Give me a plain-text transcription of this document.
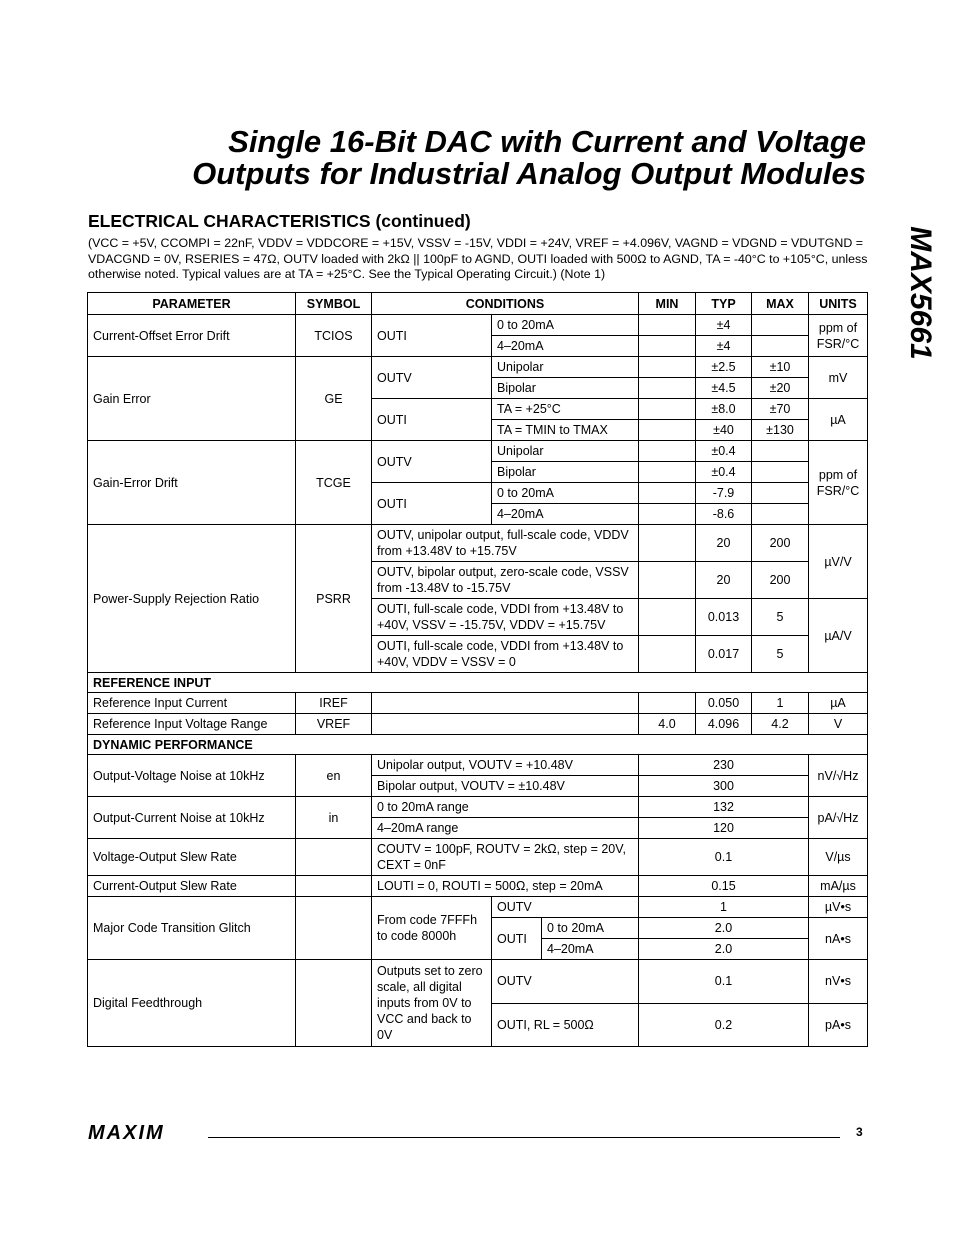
Single 16-Bit DAC with Current and Voltage
Outputs for Industrial Analog Output Modules
MAX5661
ELECTRICAL CHARACTERISTICS (continued)
(VCC = +5V, CCOMPI = 22nF, VDDV = VDDCORE = +15V, VSSV = -15V, VDDI = +24V, VREF = +4.096V, VAGND = VDGND = VDUTGND = VDACGND = 0V, RSERIES = 47Ω, OUTV loaded with 2kΩ || 100pF to AGND, OUTI loaded with 500Ω to AGND, TA = -40°C to +105°C, unless otherwise noted. Typical values are at TA = +25°C. See the Typical Operating Circuit.) (Note 1)
PARAMETER	SYMBOL	CONDITIONS			MIN	TYP	MAX	UNITS
Current-Offset Error Drift	TCIOS	OUTI	0 to 20mA			±4		ppm of FSR/°C
			4–20mA			±4		
Gain Error	GE	OUTV	Unipolar			±2.5	±10	mV
			Bipolar			±4.5	±20	
		OUTI	TA = +25°C			±8.0	±70	µA
			TA = TMIN to TMAX			±40	±130	
Gain-Error Drift	TCGE	OUTV	Unipolar			±0.4		ppm of FSR/°C
			Bipolar			±0.4		
		OUTI	0 to 20mA			-7.9		
			4–20mA			-8.6		
Power-Supply Rejection Ratio	PSRR	OUTV, unipolar output, full-scale code, VDDV from +13.48V to +15.75V				20	200	µV/V
		OUTV, bipolar output, zero-scale code, VSSV from -13.48V to -15.75V				20	200	
		OUTI, full-scale code, VDDI from +13.48V to +40V, VSSV = -15.75V, VDDV = +15.75V				0.013	5	µA/V
		OUTI, full-scale code, VDDI from +13.48V to +40V, VDDV = VSSV = 0				0.017	5	
REFERENCE INPUT								
Reference Input Current	IREF					0.050	1	µA
Reference Input Voltage Range	VREF				4.0	4.096	4.2	V
DYNAMIC PERFORMANCE								
Output-Voltage Noise at 10kHz	en	Unipolar output, VOUTV = +10.48V			230			nV/√Hz
		Bipolar output, VOUTV = ±10.48V			300			
Output-Current Noise at 10kHz	in	0 to 20mA range			132			pA/√Hz
		4–20mA range			120			
Voltage-Output Slew Rate		COUTV = 100pF, ROUTV = 2kΩ, step = 20V, CEXT = 0nF			0.1			V/µs
Current-Output Slew Rate		LOUTI = 0, ROUTI = 500Ω, step = 20mA			0.15			mA/µs
Major Code Transition Glitch		From code 7FFFh to code 8000h	OUTV		1			µV•s
			OUTI	0 to 20mA	2.0			nA•s
				4–20mA	2.0			
Digital Feedthrough		Outputs set to zero scale, all digital inputs from 0V to VCC and back to 0V	OUTV		0.1			nV•s
			OUTI, RL = 500Ω		0.2			pA•s
MAXIM	3
